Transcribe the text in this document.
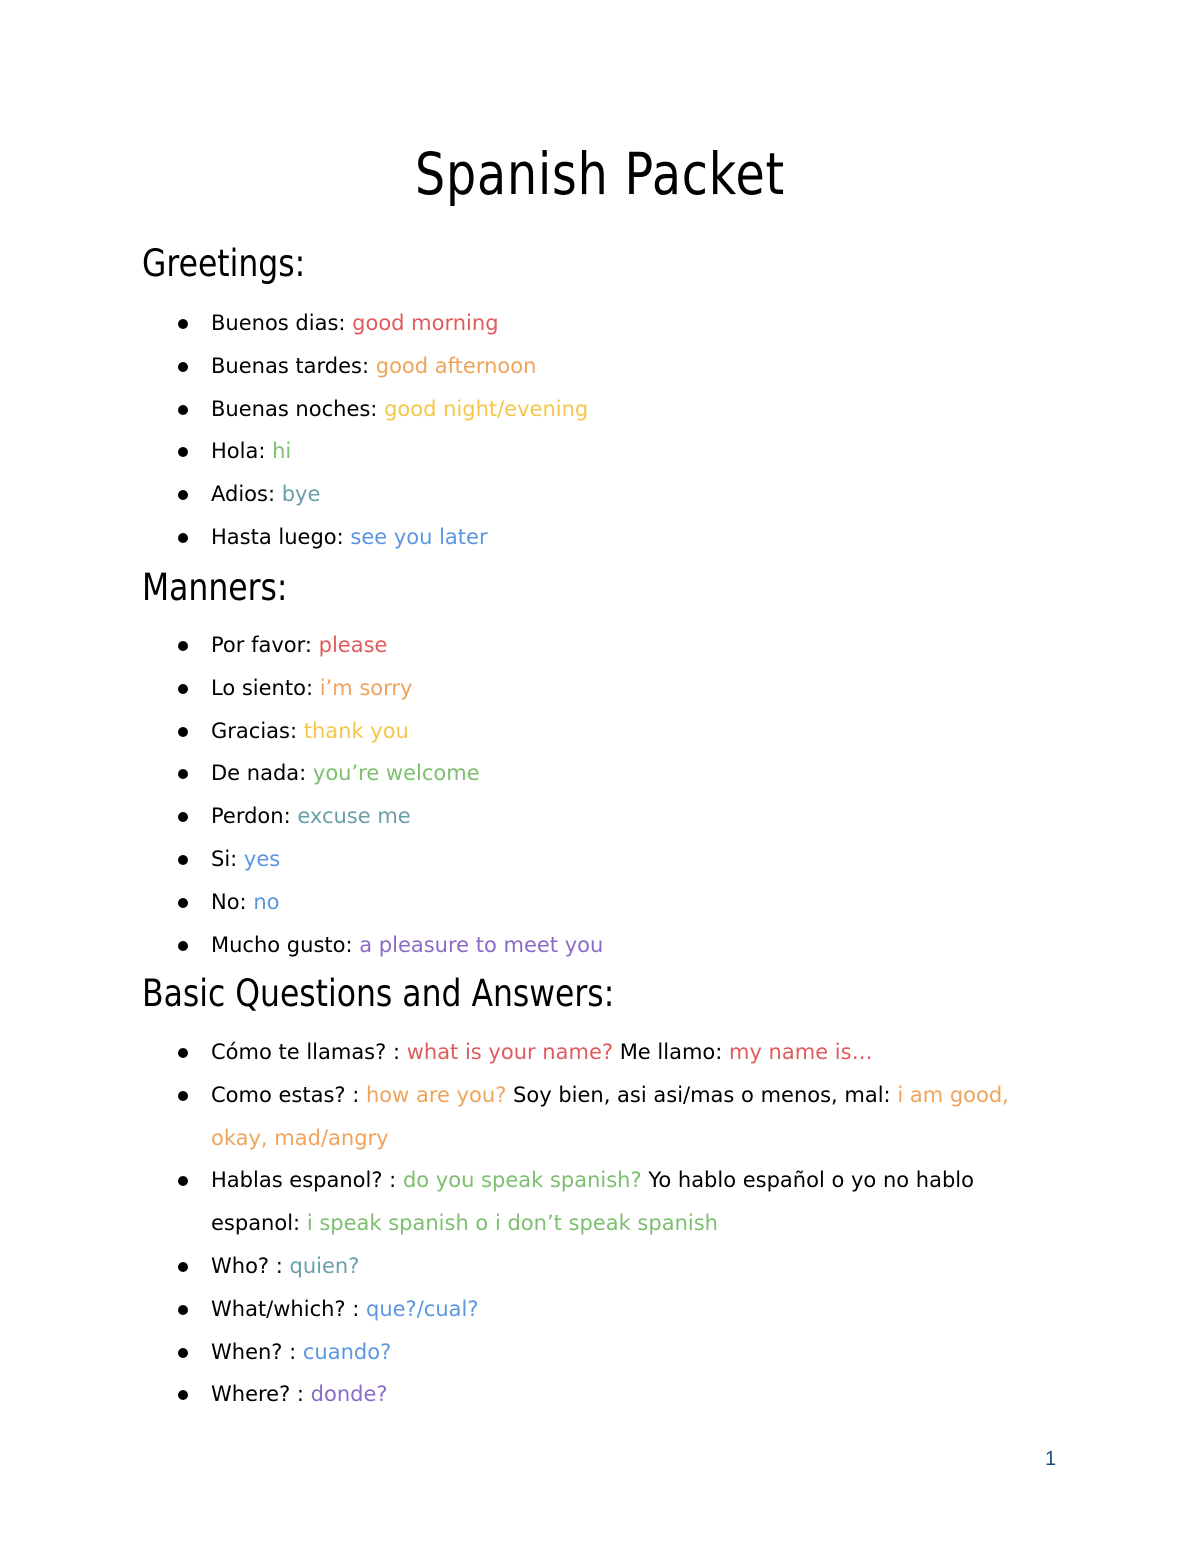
Spanish Packet
Greetings:
Buenos dias: good morning
Buenas tardes: good afternoon
Buenas noches: good night/evening
Hola: hi
Adios: bye
Hasta luego: see you later
Manners:
Por favor: please
Lo siento: i’m sorry
Gracias: thank you
De nada: you’re welcome
Perdon: excuse me
Si: yes
No: no
Mucho gusto: a pleasure to meet you
Basic Questions and Answers:
Cómo te llamas? : what is your name? Me llamo: my name is…
Como estas? : how are you? Soy bien, asi asi/mas o menos, mal: i am good, okay, mad/angry
Hablas espanol? : do you speak spanish? Yo hablo español o yo no hablo espanol: i speak spanish o i don’t speak spanish
Who? : quien?
What/which? : que?/cual?
When? : cuando?
Where? : donde?
1
